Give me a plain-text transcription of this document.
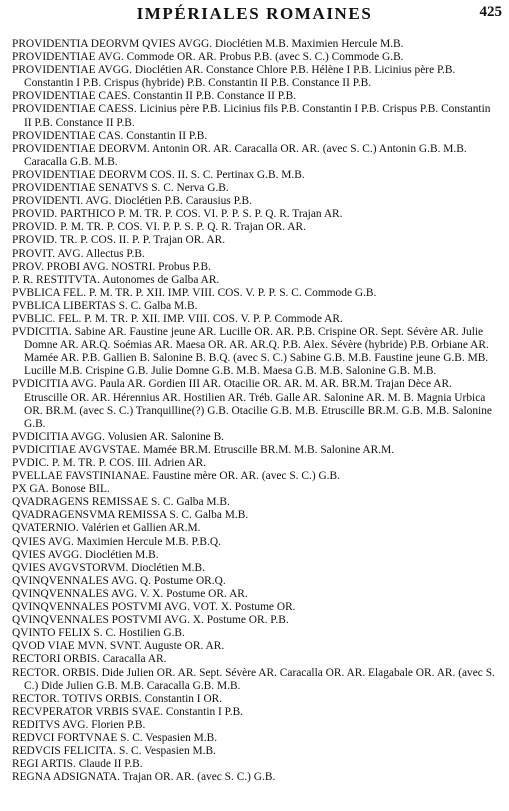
IMPÉRIALES ROMAINES	425

PROVIDENTIA DEORVM QVIES AVGG. Dioclétien M.B. Maximien Hercule M.B.

PROVIDENTIAE AVG. Commode OR. AR. Probus P.B. (avec S. C.) Commode G.B.

PROVIDENTIAE AVGG. Dioclétien AR. Constance Chlore P.B. Hélène I P.B. Licinius père P.B. Constantin I P.B. Crispus (hybride) P.B. Constantin II P.B. Constance II P.B.

PROVIDENTIAE CAES. Constantin II P.B. Constance II P.B.

PROVIDENTIAE CAESS. Licinius père P.B. Licinius fils P.B. Constantin I P.B. Crispus P.B. Constantin II P.B. Constance II P.B.

PROVIDENTIAE CAS. Constantin II P.B.

PROVIDENTIAE DEORVM. Antonin OR. AR. Caracalla OR. AR. (avec S. C.) Antonin G.B. M.B. Caracalla G.B. M.B.

PROVIDENTIAE DEORVM COS. II. S. C. Pertinax G.B. M.B.

PROVIDENTIAE SENATVS S. C. Nerva G.B.

PROVIDENTI. AVG. Dioclétien P.B. Carausius P.B.

PROVID. PARTHICO P. M. TR. P. COS. VI. P. P. S. P. Q. R. Trajan AR.

PROVID. P. M. TR. P. COS. VI. P. P. S. P. Q. R. Trajan OR. AR.

PROVID. TR. P. COS. II. P. P. Trajan OR. AR.

PROVIT. AVG. Allectus P.B.

PROV. PROBI AVG. NOSTRI. Probus P.B.

P. R. RESTITVTA. Autonomes de Galba AR.

PVBLICA FEL. P. M. TR. P. XII. IMP. VIII. COS. V. P. P. S. C. Commode G.B.

PVBLICA LIBERTAS S. C. Galba M.B.

PVBLIC. FEL. P. M. TR. P. XII. IMP. VIII. COS. V. P. P. Commode AR.

PVDICITIA. Sabine AR. Faustine jeune AR. Lucille OR. AR. P.B. Crispine OR. Sept. Sévère AR. Julie Domne AR. AR.Q. Soémias AR. Maesa OR. AR. AR.Q. P.B. Alex. Sévère (hybride) P.B. Orbiane AR. Mamée AR. P.B. Gallien B. Salonine B. B.Q. (avec S. C.) Sabine G.B. M.B. Faustine jeune G.B. MB. Lucille M.B. Crispine G.B. Julie Domne G.B. M.B. Maesa G.B. M.B. Salonine G.B. M.B.

PVDICITIA AVG. Paula AR. Gordien III AR. Otacilie OR. AR. M. AR. BR.M. Trajan Dèce AR. Etruscille OR. AR. Hérennius AR. Hostilien AR. Tréb. Galle AR. Salonine AR. M. B. Magnia Urbica OR. BR.M. (avec S. C.) Tranquilline(?) G.B. Otacilie G.B. M.B. Etruscille BR.M. G.B. M.B. Salonine G.B.

PVDICITIA AVGG. Volusien AR. Salonine B.

PVDICITIAE AVGVSTAE. Mamée BR.M. Etruscille BR.M. M.B. Salonine AR.M.

PVDIC. P. M. TR. P. COS. III. Adrien AR.

PVELLAE FAVSTINIANAE. Faustine mère OR. AR. (avec S. C.) G.B.

PX GA. Bonose BIL.

QVADRAGENS REMISSAE S. C. Galba M.B.

QVADRAGENSVMA REMISSA S. C. Galba M.B.

QVATERNIO. Valérien et Gallien AR.M.

QVIES AVG. Maximien Hercule M.B. P.B.Q.

QVIES AVGG. Dioclétien M.B.

QVIES AVGVSTORVM. Dioclétien M.B.

QVINQVENNALES AVG. Q. Postume OR.Q.

QVINQVENNALES AVG. V. X. Postume OR. AR.

QVINQVENNALES POSTVMI AVG. VOT. X. Postume OR.

QVINQVENNALES POSTVMI AVG. X. Postume OR. P.B.

QVINTO FELIX S. C. Hostilien G.B.

QVOD VIAE MVN. SVNT. Auguste OR. AR.

RECTORI ORBIS. Caracalla AR.

RECTOR. ORBIS. Dide Julien OR. AR. Sept. Sévère AR. Caracalla OR. AR. Elagabale OR. AR. (avec S. C.) Dide Julien G.B. M.B. Caracalla G.B. M.B.

RECTOR. TOTIVS ORBIS. Constantin I OR.

RECVPERATOR VRBIS SVAE. Constantin I P.B.

REDITVS AVG. Florien P.B.

REDVCI FORTVNAE S. C. Vespasien M.B.

REDVCIS FELICITA. S. C. Vespasien M.B.

REGI ARTIS. Claude II P.B.

REGNA ADSIGNATA. Trajan OR. AR. (avec S. C.) G.B.
